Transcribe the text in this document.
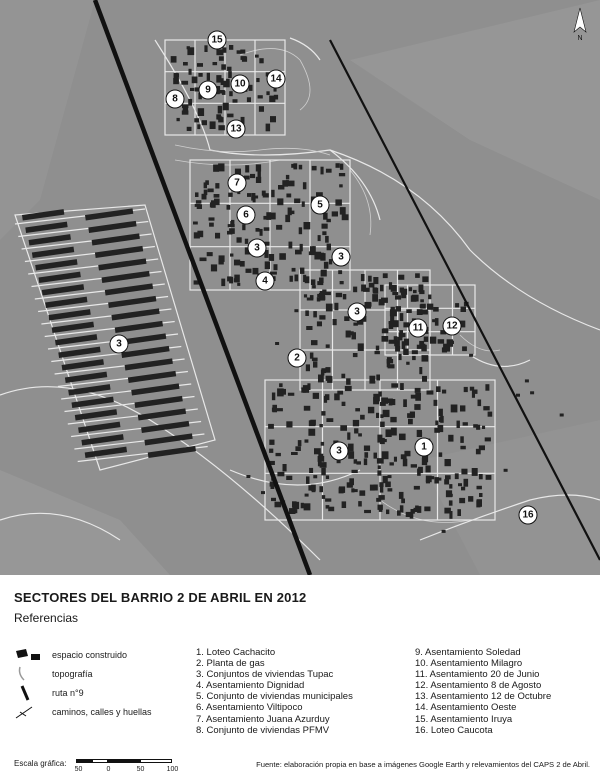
N
15
14
8
9
10
13
7
6
5
3
3
4
3
3
11 12
2
3
1
16
SECTORES DEL BARRIO 2 DE ABRIL EN 2012
Referencias
espacio construido
topografía
ruta n°9
caminos, calles y huellas
1. Loteo Cachacito
2. Planta de gas
3. Conjuntos de viviendas Tupac
4. Asentamiento Dignidad
5. Conjunto de viviendas municipales
6. Asentamiento Viltipoco
7. Asentamiento Juana Azurduy
8. Conjunto de viviendas PFMV
9. Asentamiento Soledad
10. Asentamiento Milagro
11. Asentamiento 20 de Junio
12. Asentamiento 8 de Agosto
13. Asentamiento 12 de Octubre
14. Asentamiento Oeste
15. Asentamiento Iruya
16. Loteo Caucota
Escala gráfica:
50	0	50	100
Fuente: elaboración propia en base a imágenes Google Earth y relevamientos del CAPS 2 de Abril.
